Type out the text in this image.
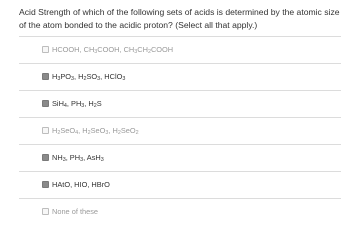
Acid Strength of which of the following sets of acids is determined by the atomic size of the atom bonded to the acidic proton? (Select all that apply.)
HCOOH, $CH_3COOH$, $CH_3CH_2COOH$
$H_3PO_3$, $H_2SO_3$, HClO$_3$
SiH$_4$, $PH_3$, $H_2S$
$H_2SeO_4$, $H_2SeO_3$, $H_2SeO_2$
$NH_3$, $PH_3$, AsH$_3$
HAtO, HIO, HBrO
None of these
